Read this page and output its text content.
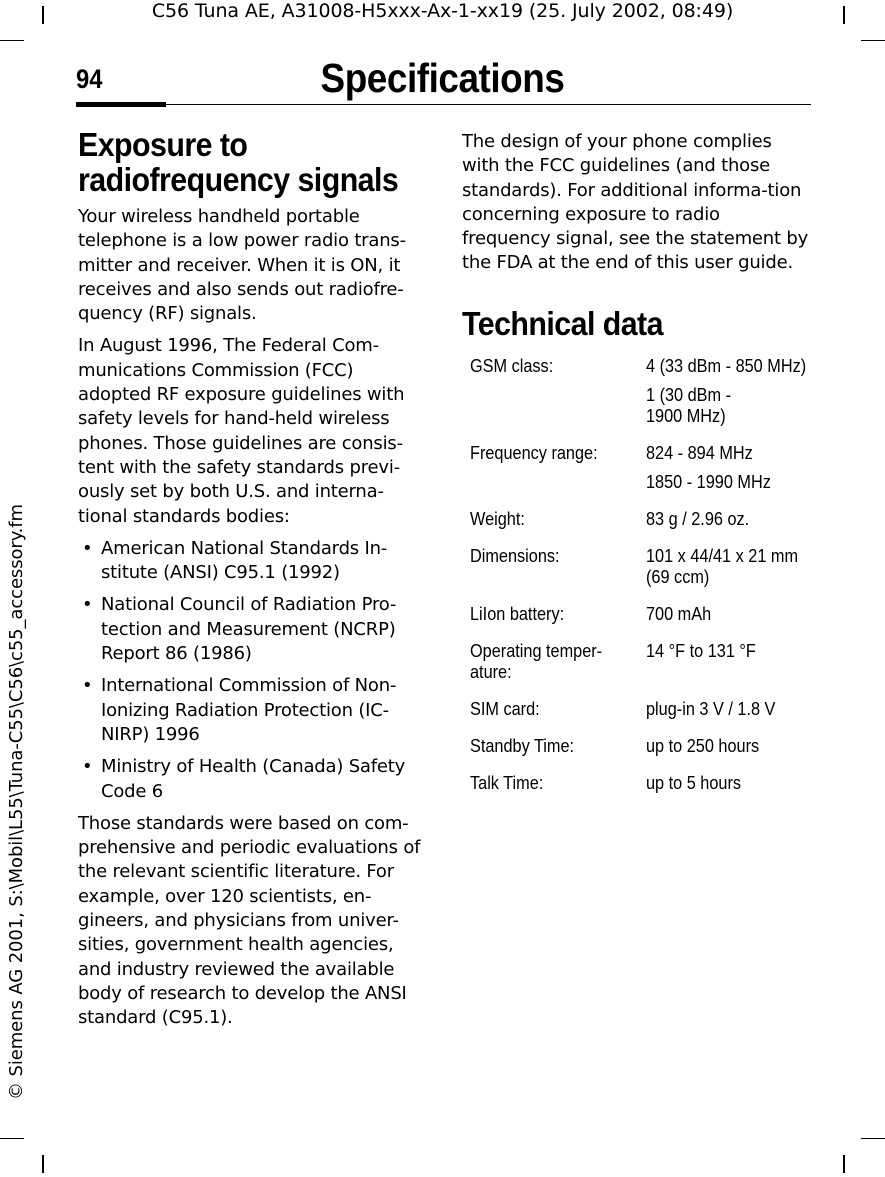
C56 Tuna AE, A31008-H5xxx-Ax-1-xx19 (25. July 2002, 08:49)
94	Specifications
© Siemens AG 2001, S:\Mobil\L55\Tuna-C55\C56\c55_accessory.fm
Exposure to radiofrequency signals

Your wireless handheld portable telephone is a low power radio trans-mitter and receiver. When it is ON, it receives and also sends out radiofre-quency (RF) signals.

In August 1996, The Federal Com-munications Commission (FCC) adopted RF exposure guidelines with safety levels for hand-held wireless phones. Those guidelines are consis-tent with the safety standards previ-ously set by both U.S. and interna-tional standards bodies:

• American National Standards In-stitute (ANSI) C95.1 (1992)
• National Council of Radiation Pro-tection and Measurement (NCRP) Report 86 (1986)
• International Commission of Non-Ionizing Radiation Protection (IC-NIRP) 1996
• Ministry of Health (Canada) Safety Code 6

Those standards were based on com-prehensive and periodic evaluations of the relevant scientific literature. For example, over 120 scientists, en-gineers, and physicians from univer-sities, government health agencies, and industry reviewed the available body of research to develop the ANSI standard (C95.1).

The design of your phone complies with the FCC guidelines (and those standards). For additional informa-tion concerning exposure to radio frequency signal, see the statement by the FDA at the end of this user guide.

Technical data
GSM class:	4 (33 dBm - 850 MHz) 1 (30 dBm - 1900 MHz)
Frequency range:	824 - 894 MHz 1850 - 1990 MHz
Weight:	83 g / 2.96 oz.
Dimensions:	101 x 44/41 x 21 mm (69 ccm)
LiIon battery:	700 mAh
Operating temper-ature:	14 °F to 131 °F
SIM card:	plug-in 3 V / 1.8 V
Standby Time:	up to 250 hours
Talk Time:	up to 5 hours
